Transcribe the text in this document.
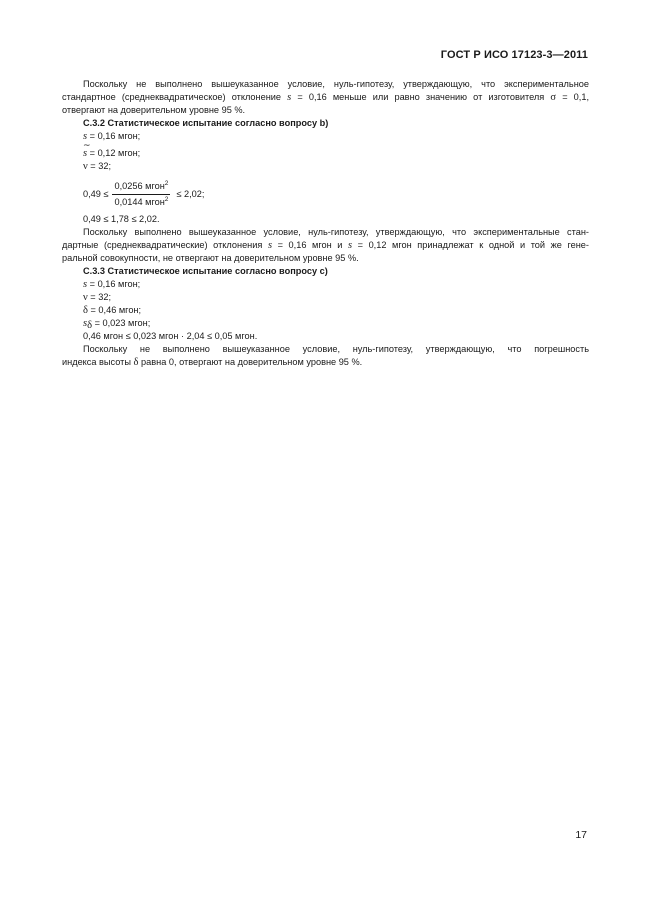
ГОСТ Р ИСО 17123-3—2011

Поскольку не выполнено вышеуказанное условие, нуль-гипотезу, утверждающую, что экспериментальное

стандартное (среднеквадратическое) отклонение s = 0,16 меньше или равно значению от изготовителя σ = 0,1,

отвергают на доверительном уровне 95 %.

C.3.2 Статистическое испытание согласно вопросу b)

s = 0,16 мгон;

~ s = 0,12 мгон;

ν = 32;

$0,49 \le \frac{0,0256 мгон^2}{0,0144 мгон^2} \le 2,02$;

0,49 ≤ 1,78 ≤ 2,02.

Поскольку выполнено вышеуказанное условие, нуль-гипотезу, утверждающую, что экспериментальные стан-

дартные (среднеквадратические) отклонения s = 0,16 мгон и ~ s = 0,12 мгон принадлежат к одной и той же гене-

ральной совокупности, не отвергают на доверительном уровне 95 %.

C.3.3 Статистическое испытание согласно вопросу c)

s = 0,16 мгон;

ν = 32;

δ = 0,46 мгон;

$s_\delta = 0,023$ мгон;

0,46 мгон ≤ 0,023 мгон · 2,04 ≤ 0,05 мгон.

Поскольку не выполнено вышеуказанное условие, нуль-гипотезу, утверждающую, что погрешность

индекса высоты δ равна 0, отвергают на доверительном уровне 95 %.

17
